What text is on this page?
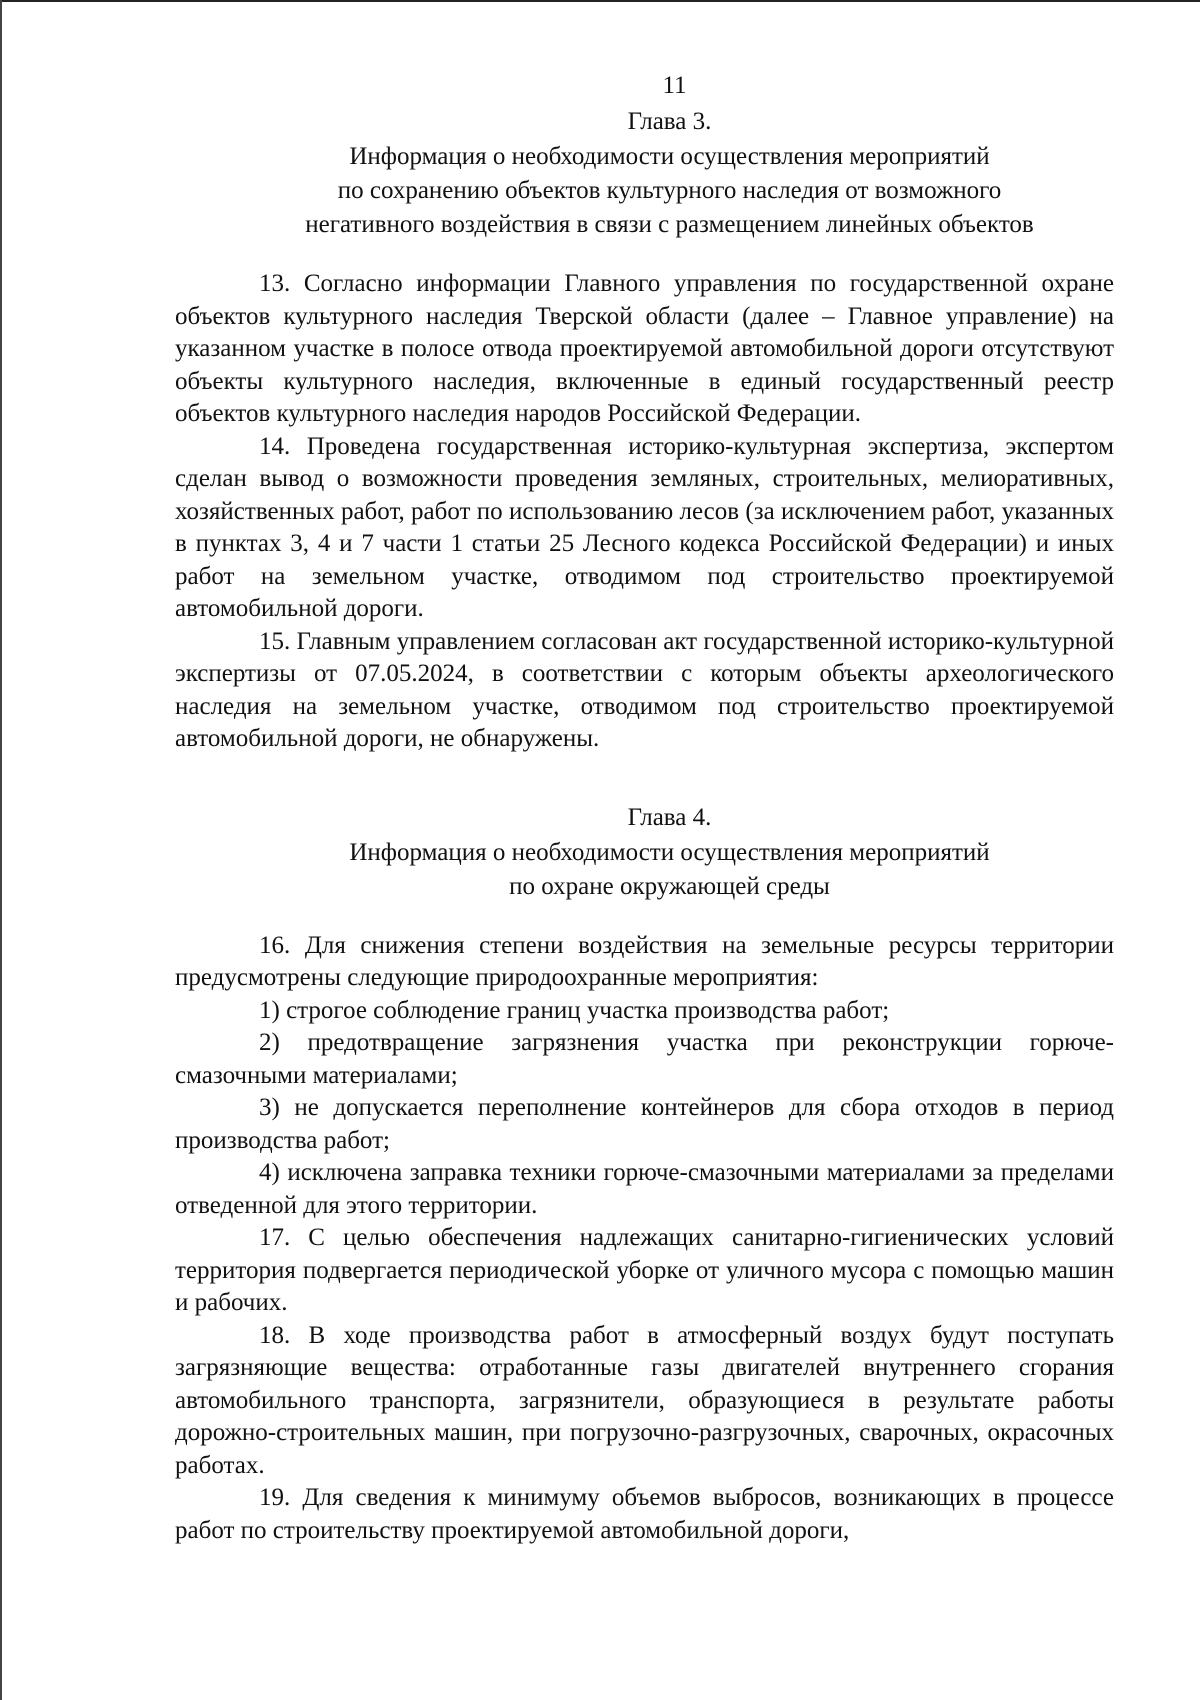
11
Глава 3.
Информация о необходимости осуществления мероприятий
по сохранению объектов культурного наследия от возможного
негативного воздействия в связи с размещением линейных объектов

13. Согласно информации Главного управления по государственной охране объектов культурного наследия Тверской области (далее – Главное управление) на указанном участке в полосе отвода проектируемой автомобильной дороги отсутствуют объекты культурного наследия, включенные в единый государственный реестр объектов культурного наследия народов Российской Федерации.

14. Проведена государственная историко-культурная экспертиза, экспертом сделан вывод о возможности проведения земляных, строительных, мелиоративных, хозяйственных работ, работ по использованию лесов (за исключением работ, указанных в пунктах 3, 4 и 7 части 1 статьи 25 Лесного кодекса Российской Федерации) и иных работ на земельном участке, отводимом под строительство проектируемой автомобильной дороги.

15. Главным управлением согласован акт государственной историко-культурной экспертизы от 07.05.2024, в соответствии с которым объекты археологического наследия на земельном участке, отводимом под строительство проектируемой автомобильной дороги, не обнаружены.

Глава 4.
Информация о необходимости осуществления мероприятий
по охране окружающей среды

16. Для снижения степени воздействия на земельные ресурсы территории предусмотрены следующие природоохранные мероприятия:

1) строгое соблюдение границ участка производства работ;

2) предотвращение загрязнения участка при реконструкции горюче-смазочными материалами;

3) не допускается переполнение контейнеров для сбора отходов в период производства работ;

4) исключена заправка техники горюче-смазочными материалами за пределами отведенной для этого территории.

17. С целью обеспечения надлежащих санитарно-гигиенических условий территория подвергается периодической уборке от уличного мусора с помощью машин и рабочих.

18. В ходе производства работ в атмосферный воздух будут поступать загрязняющие вещества: отработанные газы двигателей внутреннего сгорания автомобильного транспорта, загрязнители, образующиеся в результате работы дорожно-строительных машин, при погрузочно-разгрузочных, сварочных, окрасочных работах.

19. Для сведения к минимуму объемов выбросов, возникающих в процессе работ по строительству проектируемой автомобильной дороги,
